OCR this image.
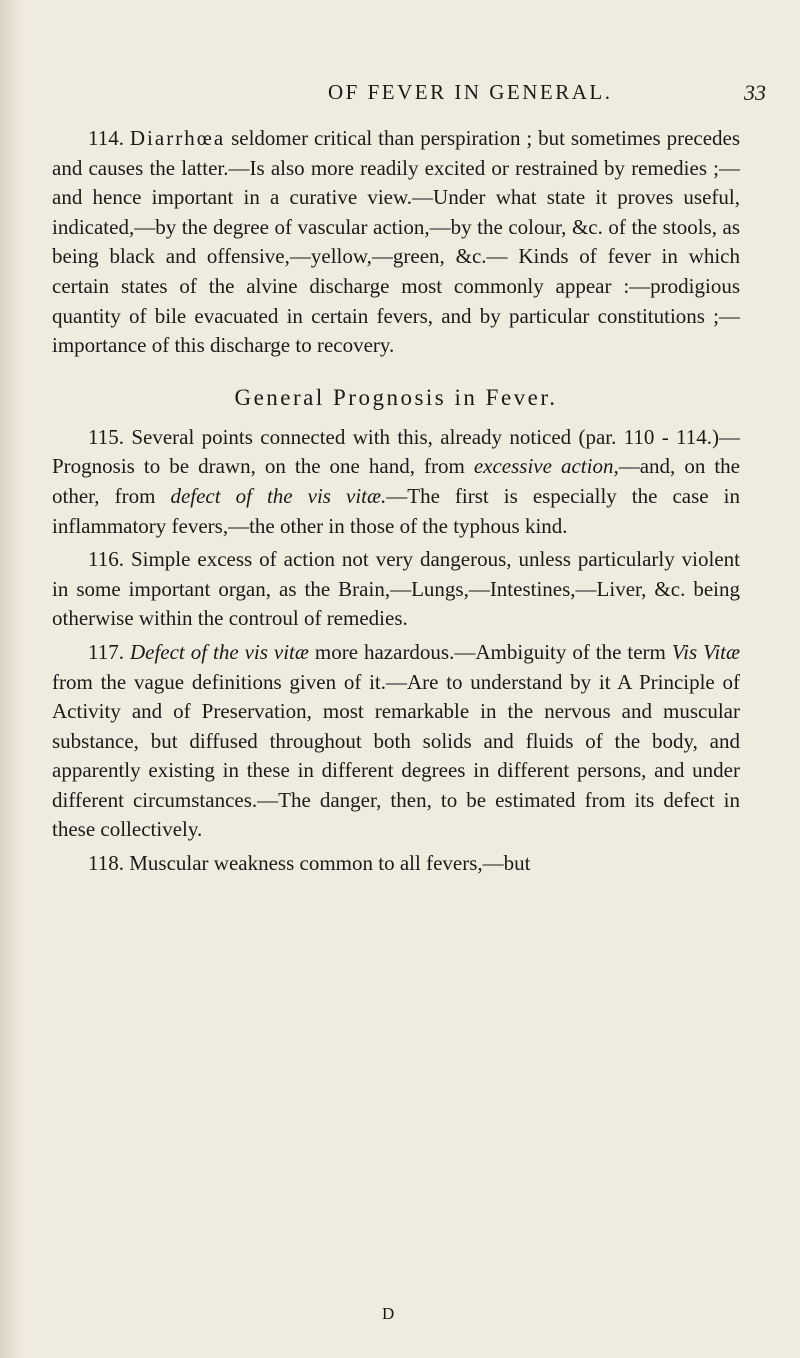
OF FEVER IN GENERAL.	33

114. Diarrhœa seldomer critical than perspiration ; but sometimes precedes and causes the latter.—Is also more readily excited or restrained by remedies ;—and hence important in a curative view.—Under what state it proves useful, indicated,—by the degree of vascular action,—by the colour, &c. of the stools, as being black and offensive,—yellow,—green, &c.— Kinds of fever in which certain states of the alvine discharge most commonly appear :—prodigious quantity of bile evacuated in certain fevers, and by particular constitutions ;—importance of this discharge to recovery.

General Prognosis in Fever.

115. Several points connected with this, already noticed (par. 110 - 114.)—Prognosis to be drawn, on the one hand, from excessive action,—and, on the other, from defect of the vis vitæ.—The first is especially the case in inflammatory fevers,—the other in those of the typhous kind.

116. Simple excess of action not very dangerous, unless particularly violent in some important organ, as the Brain,—Lungs,—Intestines,—Liver, &c. being otherwise within the controul of remedies.

117. Defect of the vis vitæ more hazardous.—Ambiguity of the term Vis Vitæ from the vague definitions given of it.—Are to understand by it A Principle of Activity and of Preservation, most remarkable in the nervous and muscular substance, but diffused throughout both solids and fluids of the body, and apparently existing in these in different degrees in different persons, and under different circumstances.—The danger, then, to be estimated from its defect in these collectively.

118. Muscular weakness common to all fevers,—but

D
